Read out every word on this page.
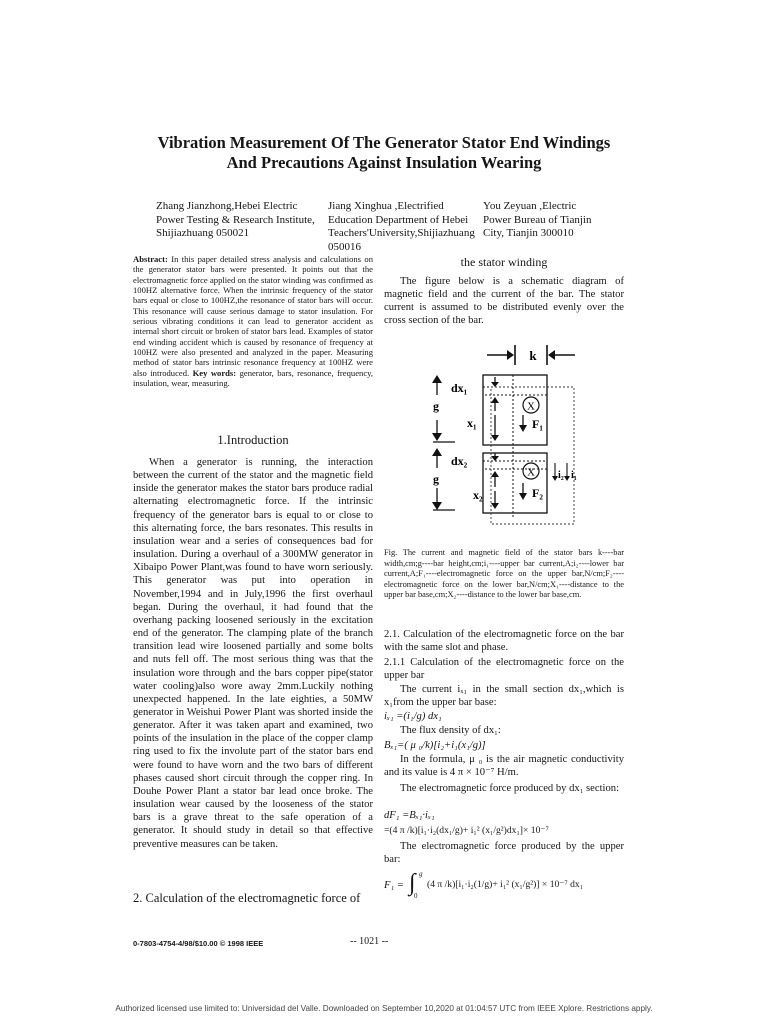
Vibration Measurement Of The Generator Stator End Windings
And Precautions Against Insulation Wearing
Zhang Jianzhong,Hebei Electric
Power Testing & Research Institute,
Shijiazhuang 050021
Jiang Xinghua ,Electrified
Education Department of Hebei
Teachers'University,Shijiazhuang
050016
You Zeyuan ,Electric
Power Bureau of Tianjin
City, Tianjin 300010
Abstract: In this paper detailed stress analysis and calculations on the generator stator bars were presented. It points out that the electromagnetic force applied on the stator winding was confirmed as 100HZ alternative force. When the intrinsic frequency of the stator bars equal or close to 100HZ,the resonance of stator bars will occur. This resonance will cause serious damage to stator insulation. For serious vibrating conditions it can lead to generator accident as internal short circuit or broken of stator bars lead. Examples of stator end winding accident which is caused by resonance of frequency at 100HZ were also presented and analyzed in the paper. Measuring method of stator bars intrinsic resonance frequency at 100HZ were also introduced. Key words: generator, bars, resonance, frequency, insulation, wear, measuring.
1.Introduction
When a generator is running, the interaction between the current of the stator and the magnetic field inside the generator makes the stator bars produce radial alternating electromagnetic force. If the intrinsic frequency of the generator bars is equal to or close to this alternating force, the bars resonates. This results in insulation wear and a series of consequences bad for insulation. During a overhaul of a 300MW generator in Xibaipo Power Plant,was found to have worn seriously. This generator was put into operation in November,1994 and in July,1996 the first overhaul began. During the overhaul, it had found that the overhang packing loosened seriously in the excitation end of the generator. The clamping plate of the branch transition lead wire loosened partially and some bolts and nuts fell off. The most serious thing was that the insulation wore through and the bars copper pipe(stator water cooling)also wore away 2mm.Luckily nothing unexpected happened. In the late eighties, a 50MW generator in Weishui Power Plant was shorted inside the generator. After it was taken apart and examined, two points of the insulation in the place of the copper clamp ring used to fix the involute part of the stator bars end were found to have worn and the two bars of different phases caused short circuit through the copper ring. In Douhe Power Plant a stator bar lead once broke. The insulation wear caused by the looseness of the stator bars is a grave threat to the safe operation of a generator. It should study in detail so that effective preventive measures can be taken.
2. Calculation of the electromagnetic force of
the stator winding
The figure below is a schematic diagram of magnetic field and the current of the bar. The stator current is assumed to be distributed evenly over the cross section of the bar.
k
X
X
dx₁
g
x₁
dx₂
g
x₂
F₁
F₂
i₂ i₁
Fig. The current and magnetic field of the stator bars k----bar width,cm;g----bar height,cm;i₁----upper bar current,A;i₂----lower bar current,A;F₁----electromagnetic force on the upper bar,N/cm;F₂----electromagnetic force on the lower bar,N/cm;X₁----distance to the upper bar base,cm;X₂----distance to the lower bar base,cm.
2.1. Calculation of the electromagnetic force on the bar with the same slot and phase.
2.1.1 Calculation of the electromagnetic force on the upper bar
The current iₓ₁ in the small section dx₁,which is x₁from the upper bar base:
iₓ₁ =(i₁/g) dx₁
The flux density of dx₁:
Bₓ₁=( μ ₀/k)[i₂+i₁(x₁/g)]
In the formula, μ ₀ is the air magnetic conductivity and its value is 4 π × 10⁻⁷ H/m.
The electromagnetic force produced by dx₁ section:
dF₁ =Bₓ₁·iₓ₁
=(4 π /k)[i₁·i₂(dx₁/g)+ i₁² (x₁/g²)dx₁]× 10⁻⁷
The electromagnetic force produced by the upper bar:
F₁ = ∫ g
0
(4 π /k)[i₁·i₂(1/g)+ i₁² (x₁/g²)] × 10⁻⁷ dx₁
0-7803-4754-4/98/$10.00 © 1998 IEEE	-- 1021 --
Authorized licensed use limited to: Universidad del Valle. Downloaded on September 10,2020 at 01:04:57 UTC from IEEE Xplore. Restrictions apply.
